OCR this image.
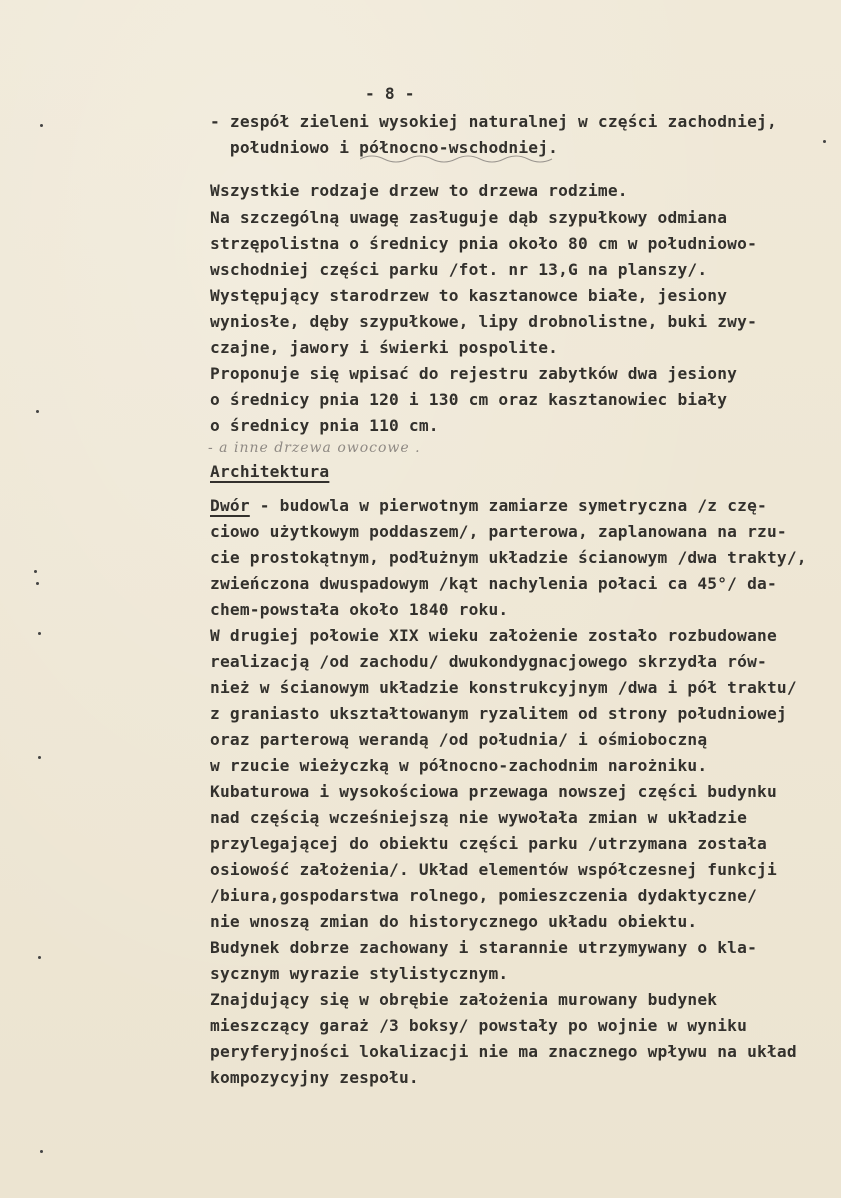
- 8 -
- zespół zieleni wysokiej naturalnej w części zachodniej,
południowo i północno-wschodniej.
Wszystkie rodzaje drzew to drzewa rodzime.
Na szczególną uwagę zasługuje dąb szypułkowy odmiana
strzępolistna o średnicy pnia około 80 cm w południowo-
wschodniej części parku /fot. nr 13,G na planszy/.
Występujący starodrzew to kasztanowce białe, jesiony
wyniosłe, dęby szypułkowe, lipy drobnolistne, buki zwy-
czajne, jawory i świerki pospolite.
Proponuje się wpisać do rejestru zabytków dwa jesiony
o średnicy pnia 120 i 130 cm oraz kasztanowiec biały
o średnicy pnia 110 cm.
- a inne drzewa owocowe .
Architektura
Dwór - budowla w pierwotnym zamiarze symetryczna /z czę-
ciowo użytkowym poddaszem/, parterowa, zaplanowana na rzu-
cie prostokątnym, podłużnym układzie ścianowym /dwa trakty/,
zwieńczona dwuspadowym /kąt nachylenia połaci ca 45°/ da-
chem-powstała około 1840 roku.
W drugiej połowie XIX wieku założenie zostało rozbudowane
realizacją /od zachodu/ dwukondygnacjowego skrzydła rów-
nież w ścianowym układzie konstrukcyjnym /dwa i pół traktu/
z graniasto ukształtowanym ryzalitem od strony południowej
oraz parterową werandą /od południa/ i ośmioboczną
w rzucie wieżyczką w północno-zachodnim narożniku.
Kubaturowa i wysokościowa przewaga nowszej części budynku
nad częścią wcześniejszą nie wywołała zmian w układzie
przylegającej do obiektu części parku /utrzymana została
osiowość założenia/. Układ elementów współczesnej funkcji
/biura,gospodarstwa rolnego, pomieszczenia dydaktyczne/
nie wnoszą zmian do historycznego układu obiektu.
Budynek dobrze zachowany i starannie utrzymywany o kla-
sycznym wyrazie stylistycznym.
Znajdujący się w obrębie założenia murowany budynek
mieszczący garaż /3 boksy/ powstały po wojnie w wyniku
peryferyjności lokalizacji nie ma znacznego wpływu na układ
kompozycyjny zespołu.
